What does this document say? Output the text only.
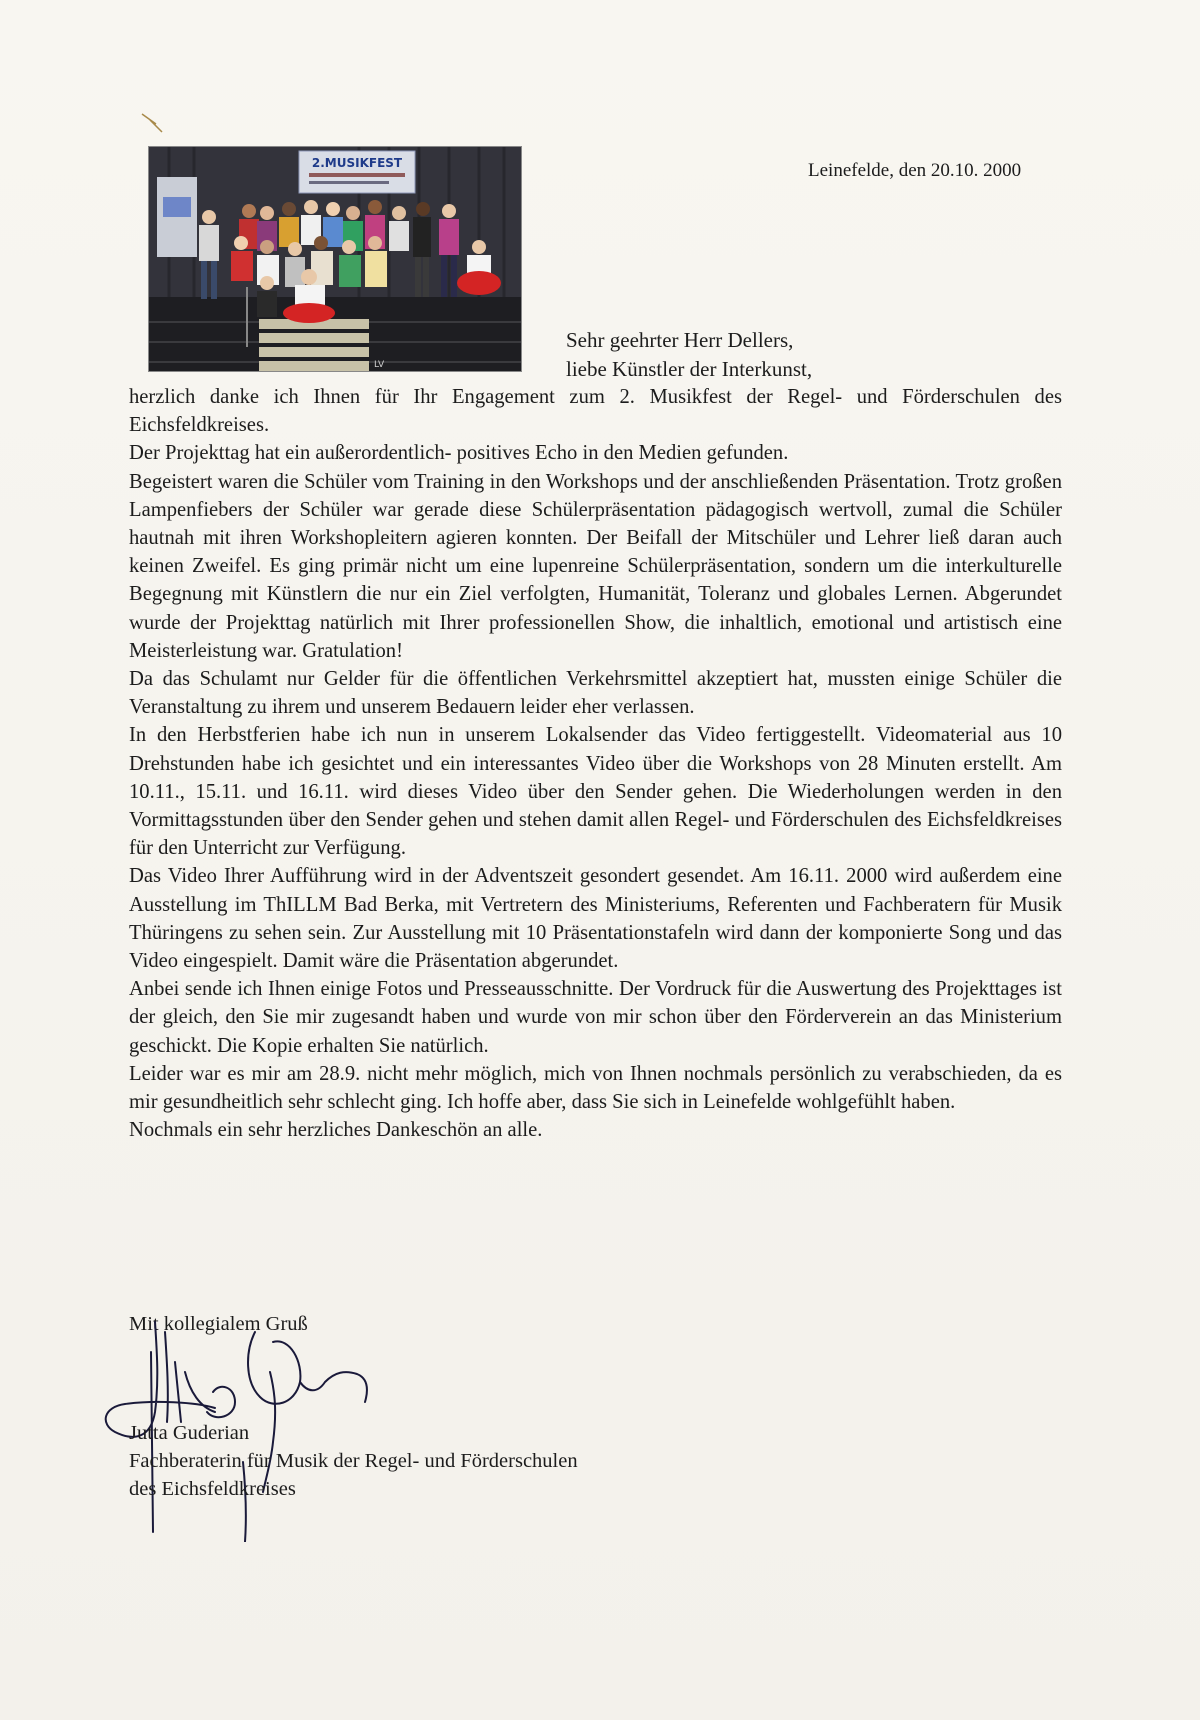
2.MUSIKFEST
LV
Leinefelde, den 20.10. 2000
Sehr geehrter Herr Dellers,
liebe Künstler der Interkunst,

herzlich danke ich Ihnen für Ihr Engagement zum 2. Musikfest der Regel- und Förderschulen des Eichsfeldkreises.

Der Projekttag hat ein außerordentlich- positives Echo in den Medien gefunden.

Begeistert waren die Schüler vom Training in den Workshops und der anschließenden Präsentation. Trotz großen Lampenfiebers der Schüler war gerade diese Schülerpräsentation pädagogisch wertvoll, zumal die Schüler hautnah mit ihren Workshopleitern agieren konnten. Der Beifall der Mitschüler und Lehrer ließ daran auch keinen Zweifel. Es ging primär nicht um eine lupenreine Schülerpräsentation, sondern um die interkulturelle Begegnung mit Künstlern die nur ein Ziel verfolgten, Humanität, Toleranz und globales Lernen. Abgerundet wurde der Projekttag natürlich mit Ihrer professionellen Show, die inhaltlich, emotional und artistisch eine Meisterleistung war. Gratulation!

Da das Schulamt nur Gelder für die öffentlichen Verkehrsmittel akzeptiert hat, mussten einige Schüler die Veranstaltung zu ihrem und unserem Bedauern leider eher verlassen.

In den Herbstferien habe ich nun in unserem Lokalsender das Video fertiggestellt. Videomaterial aus 10 Drehstunden habe ich gesichtet und ein interessantes Video über die Workshops von 28 Minuten erstellt. Am 10.11., 15.11. und 16.11. wird dieses Video über den Sender gehen. Die Wiederholungen werden in den Vormittagsstunden über den Sender gehen und stehen damit allen Regel- und Förderschulen des Eichsfeldkreises für den Unterricht zur Verfügung.

Das Video Ihrer Aufführung wird in der Adventszeit gesondert gesendet. Am 16.11. 2000 wird außerdem eine Ausstellung im ThILLM Bad Berka, mit Vertretern des Ministeriums, Referenten und Fachberatern für Musik Thüringens zu sehen sein. Zur Ausstellung mit 10 Präsentationstafeln wird dann der komponierte Song und das Video eingespielt. Damit wäre die Präsentation abgerundet.

Anbei sende ich Ihnen einige Fotos und Presseausschnitte. Der Vordruck für die Auswertung des Projekttages ist der gleich, den Sie mir zugesandt haben und wurde von mir schon über den Förderverein an das Ministerium geschickt. Die Kopie erhalten Sie natürlich.

Leider war es mir am 28.9. nicht mehr möglich, mich von Ihnen nochmals persönlich zu verabschieden, da es mir gesundheitlich sehr schlecht ging. Ich hoffe aber, dass Sie sich in Leinefelde wohlgefühlt haben.

Nochmals ein sehr herzliches Dankeschön an alle.

Mit kollegialem Gruß
Jutta Guderian
Fachberaterin für Musik der Regel- und Förderschulen
des Eichsfeldkreises
